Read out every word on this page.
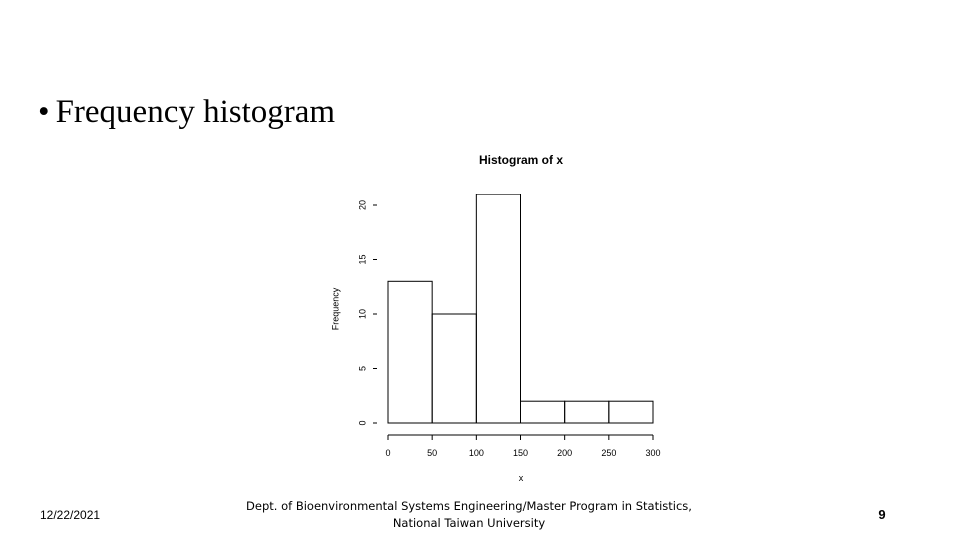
• Frequency histogram
Histogram of x
0	50	100	150	200	250	300
x
0
5
10
15
20
Frequency
12/22/2021
Dept. of Bioenvironmental Systems Engineering/Master Program in Statistics,
National Taiwan University
9
